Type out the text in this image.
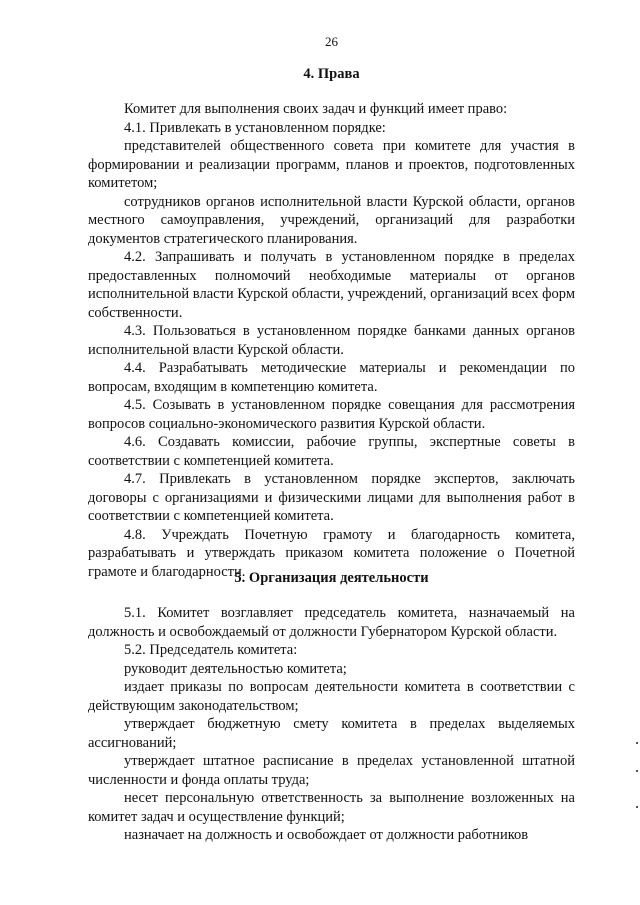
26
4. Права

Комитет для выполнения своих задач и функций имеет право:

4.1. Привлекать в установленном порядке:

представителей общественного совета при комитете для участия в формировании и реализации программ, планов и проектов, подготовленных комитетом;

сотрудников органов исполнительной власти Курской области, органов местного самоуправления, учреждений, организаций для разработки документов стратегического планирования.

4.2. Запрашивать и получать в установленном порядке в пределах предоставленных полномочий необходимые материалы от органов исполнительной власти Курской области, учреждений, организаций всех форм собственности.

4.3. Пользоваться в установленном порядке банками данных органов исполнительной власти Курской области.

4.4. Разрабатывать методические материалы и рекомендации по вопросам, входящим в компетенцию комитета.

4.5. Созывать в установленном порядке совещания для рассмотрения вопросов социально-экономического развития Курской области.

4.6. Создавать комиссии, рабочие группы, экспертные советы в соответствии с компетенцией комитета.

4.7. Привлекать в установленном порядке экспертов, заключать договоры с организациями и физическими лицами для выполнения работ в соответствии с компетенцией комитета.

4.8. Учреждать Почетную грамоту и благодарность комитета, разрабатывать и утверждать приказом комитета положение о Почетной грамоте и благодарности.

5. Организация деятельности

5.1. Комитет возглавляет председатель комитета, назначаемый на должность и освобождаемый от должности Губернатором Курской области.

5.2. Председатель комитета:

руководит деятельностью комитета;

издает приказы по вопросам деятельности комитета в соответствии с действующим законодательством;

утверждает бюджетную смету комитета в пределах выделяемых ассигнований;

утверждает штатное расписание в пределах установленной штатной численности и фонда оплаты труда;

несет персональную ответственность за выполнение возложенных на комитет задач и осуществление функций;

назначает на должность и освобождает от должности работников
